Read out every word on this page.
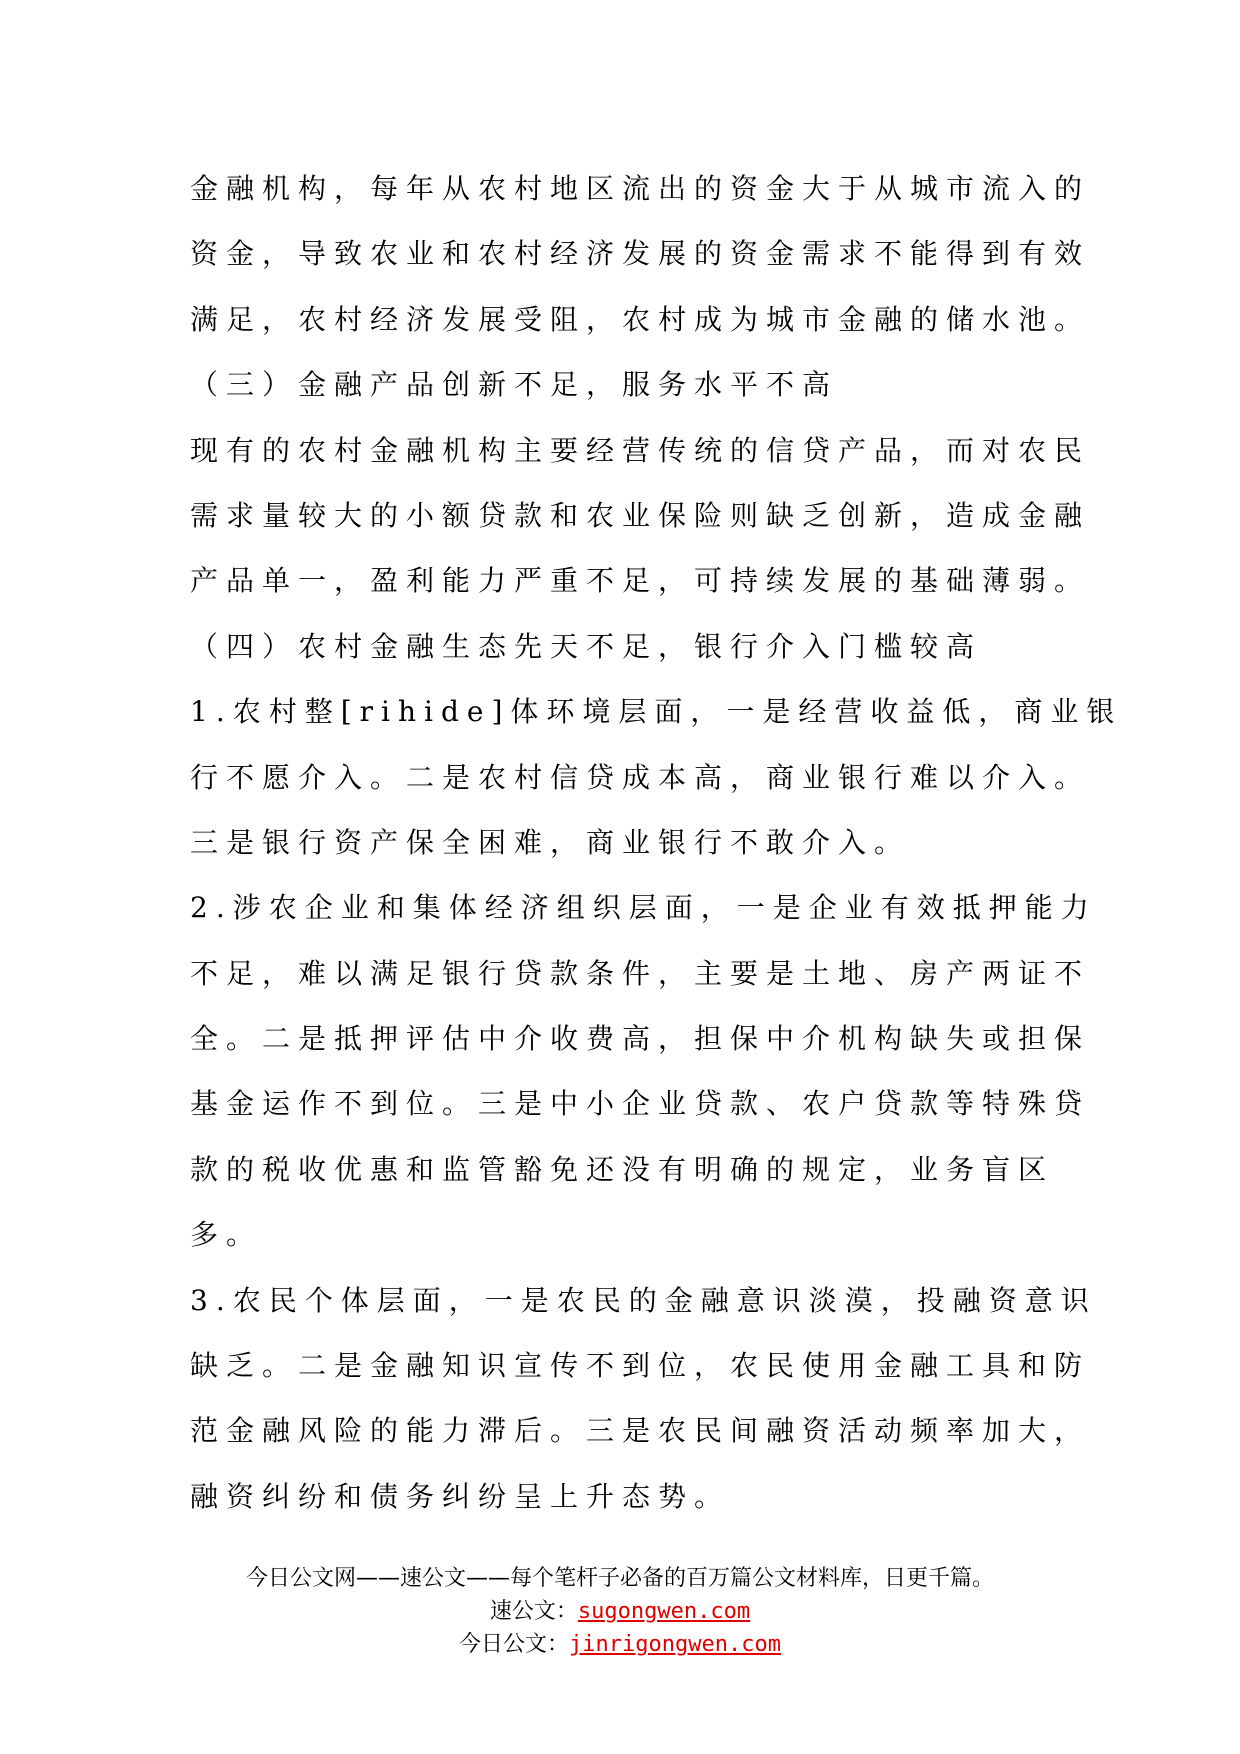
金融机构，每年从农村地区流出的资金大于从城市流入的
资金，导致农业和农村经济发展的资金需求不能得到有效
满足，农村经济发展受阻，农村成为城市金融的储水池。
（三）金融产品创新不足，服务水平不高
现有的农村金融机构主要经营传统的信贷产品，而对农民
需求量较大的小额贷款和农业保险则缺乏创新，造成金融
产品单一，盈利能力严重不足，可持续发展的基础薄弱。
（四）农村金融生态先天不足，银行介入门槛较高
1.农村整[rihide]体环境层面，一是经营收益低，商业银
行不愿介入。二是农村信贷成本高，商业银行难以介入。
三是银行资产保全困难，商业银行不敢介入。
2.涉农企业和集体经济组织层面，一是企业有效抵押能力
不足，难以满足银行贷款条件，主要是土地、房产两证不
全。二是抵押评估中介收费高，担保中介机构缺失或担保
基金运作不到位。三是中小企业贷款、农户贷款等特殊贷
款的税收优惠和监管豁免还没有明确的规定，业务盲区
多。
3.农民个体层面，一是农民的金融意识淡漠，投融资意识
缺乏。二是金融知识宣传不到位，农民使用金融工具和防
范金融风险的能力滞后。三是农民间融资活动频率加大，
融资纠纷和债务纠纷呈上升态势。
今日公文网——速公文——每个笔杆子必备的百万篇公文材料库，日更千篇。
速公文：sugongwen.com
今日公文：jinrigongwen.com
